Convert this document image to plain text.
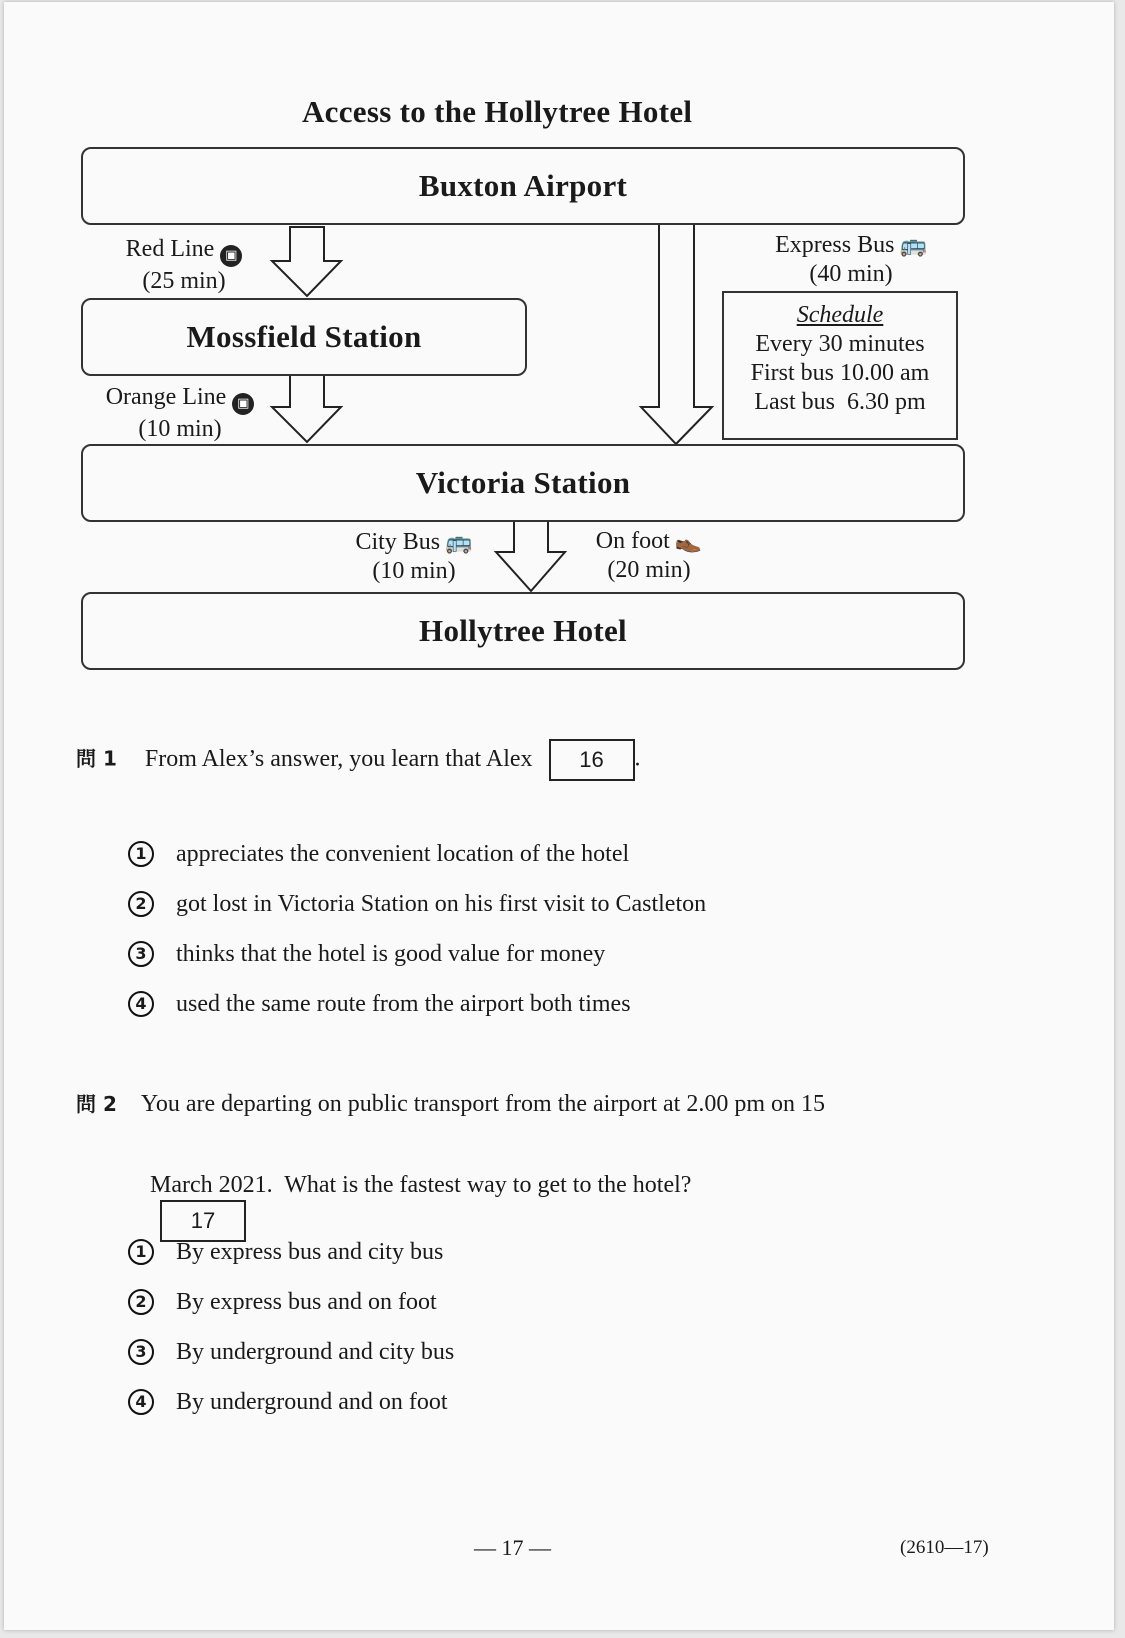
Access to the Hollytree Hotel
Buxton Airport
Mossfield Station
Victoria Station
Hollytree Hotel
Red Line ▣
(25 min)
Orange Line ▣
(10 min)
Express Bus 🚌
(40 min)
Schedule
Every 30 minutes
First bus 10.00 am
Last bus  6.30 pm
City Bus 🚌
(10 min)
On foot 👞
(20 min)
問 1 From Alex’s answer, you learn that Alex 16 .
1 appreciates the convenient location of the hotel
2 got lost in Victoria Station on his first visit to Castleton
3 thinks that the hotel is good value for money
4 used the same route from the airport both times
問 2 You are departing on public transport from the airport at 2.00 pm on 15

March 2021.  What is the fastest way to get to the hotel?
17

1 By express bus and city bus
2 By express bus and on foot
3 By underground and city bus
4 By underground and on foot
— 17 —	(2610—17)
